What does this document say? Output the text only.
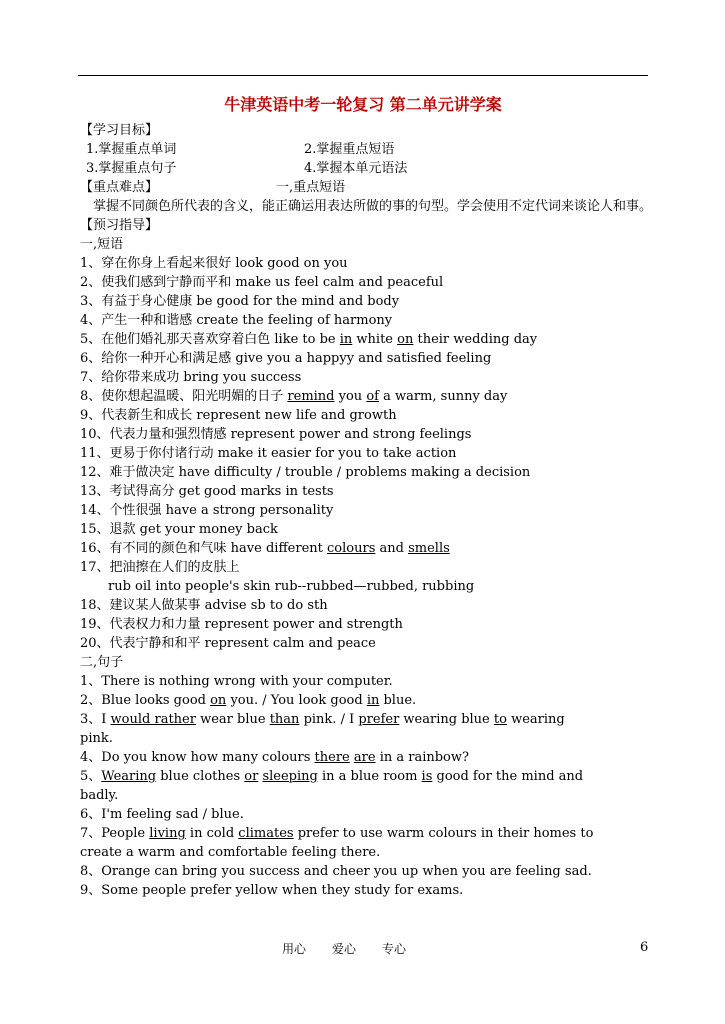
牛津英语中考一轮复习 第二单元讲学案
【学习目标】
1.掌握重点单词	2.掌握重点短语
3.掌握重点句子	4.掌握本单元语法
【重点难点】	一,重点短语
掌握不同颜色所代表的含义，能正确运用表达所做的事的句型。学会使用不定代词来谈论人和事。
【预习指导】
一,短语
1、穿在你身上看起来很好 look good on you
2、使我们感到宁静而平和 make us feel calm and peaceful
3、有益于身心健康 be good for the mind and body
4、产生一种和谐感 create the feeling of harmony
5、在他们婚礼那天喜欢穿着白色 like to be in white on their wedding day
6、给你一种开心和满足感 give you a happyy and satisfied feeling
7、给你带来成功 bring you success
8、使你想起温暖、阳光明媚的日子 remind you of a warm, sunny day
9、代表新生和成长 represent new life and growth
10、代表力量和强烈情感 represent power and strong feelings
11、更易于你付诸行动 make it easier for you to take action
12、难于做决定 have difficulty / trouble / problems making a decision
13、考试得高分 get good marks in tests
14、个性很强 have a strong personality
15、退款 get your money back
16、有不同的颜色和气味 have different colours and smells
17、把油擦在人们的皮肤上
rub oil into people's skin rub--rubbed—rubbed, rubbing
18、建议某人做某事 advise sb to do sth
19、代表权力和力量 represent power and strength
20、代表宁静和和平 represent calm and peace
二,句子
1、There is nothing wrong with your computer.
2、Blue looks good on you. / You look good in blue.
3、I would rather wear blue than pink. / I prefer wearing blue to wearing
pink.
4、Do you know how many colours there are in a rainbow?
5、Wearing blue clothes or sleeping in a blue room is good for the mind and
badly.
6、I'm feeling sad / blue.
7、People living in cold climates prefer to use warm colours in their homes to
create a warm and comfortable feeling there.
8、Orange can bring you success and cheer you up when you are feeling sad.
9、Some people prefer yellow when they study for exams.
用心 爱心 专心	6
